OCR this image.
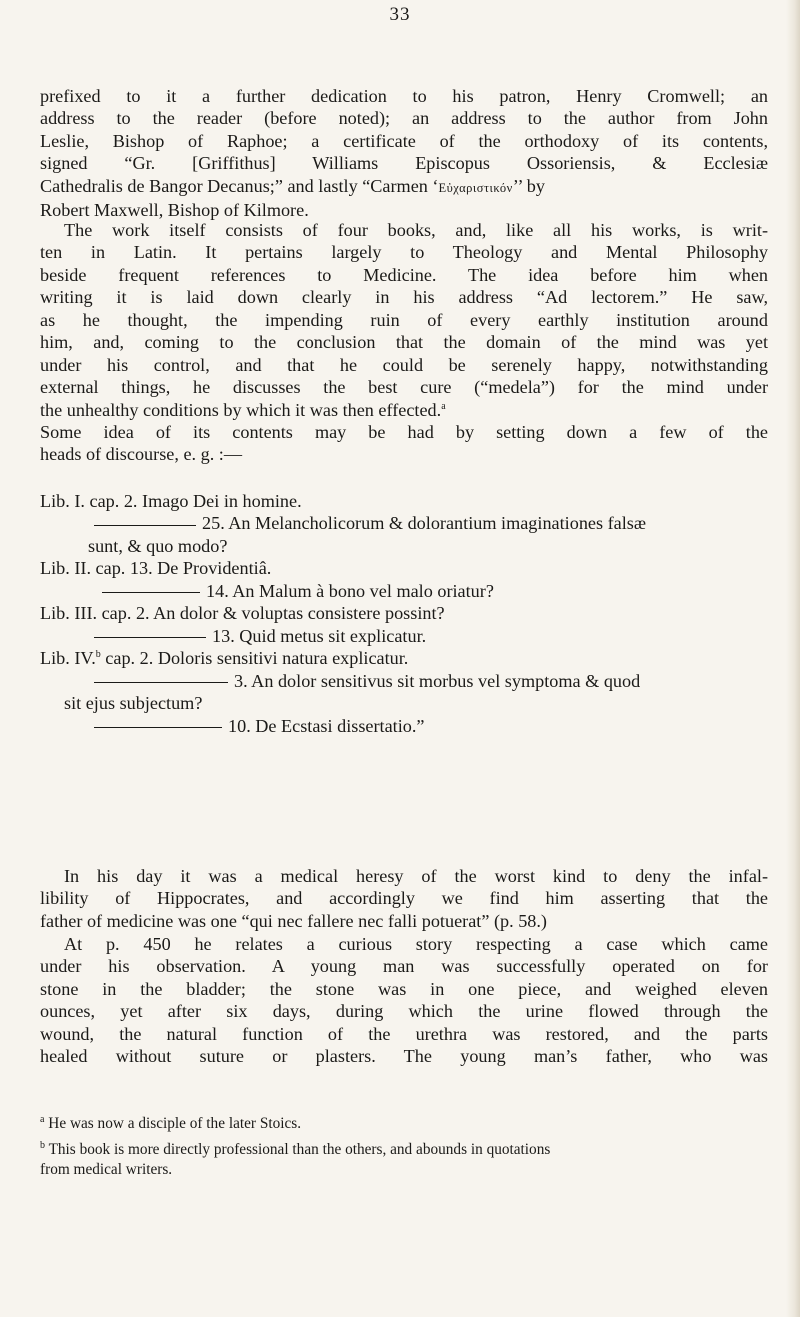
33
prefixed to it a further dedication to his patron, Henry Cromwell; an
address to the reader (before noted); an address to the author from John
Leslie, Bishop of Raphoe; a certificate of the orthodoxy of its contents,
signed “Gr. [Griffithus] Williams Episcopus Ossoriensis, & Ecclesiæ
Cathedralis de Bangor Decanus;” and lastly “Carmen ‘Εὐχαριστικόν’’ by
Robert Maxwell, Bishop of Kilmore.
The work itself consists of four books, and, like all his works, is writ-
ten in Latin. It pertains largely to Theology and Mental Philosophy
beside frequent references to Medicine. The idea before him when
writing it is laid down clearly in his address “Ad lectorem.” He saw,
as he thought, the impending ruin of every earthly institution around
him, and, coming to the conclusion that the domain of the mind was yet
under his control, and that he could be serenely happy, notwithstanding
external things, he discusses the best cure (“medela”) for the mind under
the unhealthy conditions by which it was then effected.$^a$
Some idea of its contents may be had by setting down a few of the
heads of discourse, e. g. :—
Lib. I. cap. 2. Imago Dei in homine.
25. An Melancholicorum & dolorantium imaginationes falsæ
sunt, & quo modo?
Lib. II. cap. 13. De Providentiâ.
14. An Malum à bono vel malo oriatur?
Lib. III. cap. 2. An dolor & voluptas consistere possint?
13. Quid metus sit explicatur.
Lib. IV.$^b$ cap. 2. Doloris sensitivi natura explicatur.
3. An dolor sensitivus sit morbus vel symptoma & quod
sit ejus subjectum?
10. De Ecstasi dissertatio.”
In his day it was a medical heresy of the worst kind to deny the infal-
libility of Hippocrates, and accordingly we find him asserting that the
father of medicine was one “qui nec fallere nec falli potuerat” (p. 58.)
At p. 450 he relates a curious story respecting a case which came
under his observation. A young man was successfully operated on for
stone in the bladder; the stone was in one piece, and weighed eleven
ounces, yet after six days, during which the urine flowed through the
wound, the natural function of the urethra was restored, and the parts
healed without suture or plasters. The young man’s father, who was
$^a$ He was now a disciple of the later Stoics.
$^b$ This book is more directly professional than the others, and abounds in quotations
from medical writers.
